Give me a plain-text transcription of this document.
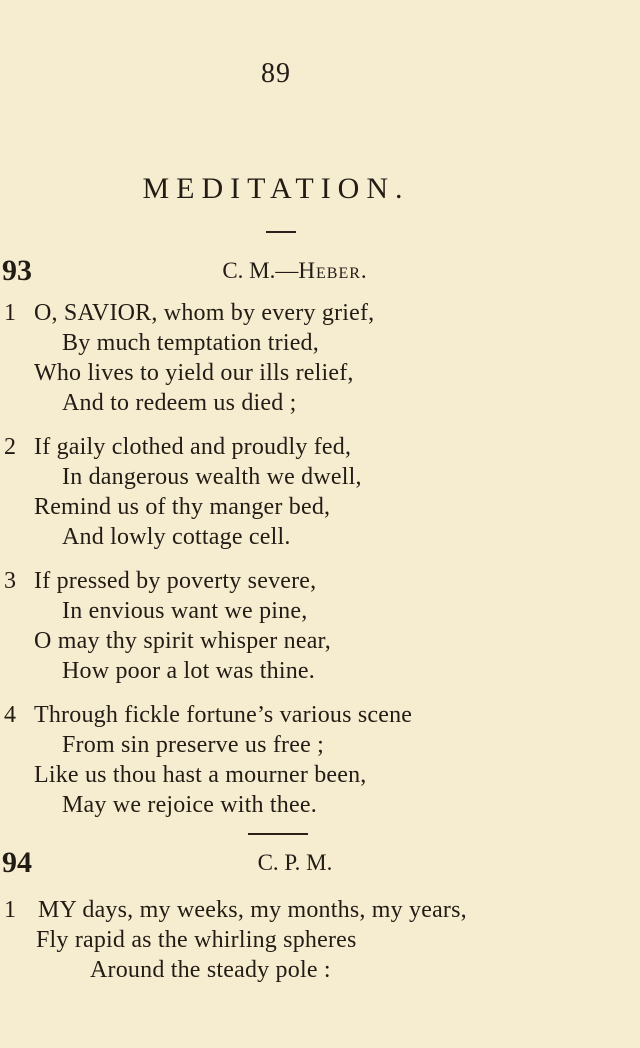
89
MEDITATION.
93	C. M.—Heber.
1 O, SAVIOR, whom by every grief,
By much temptation tried,
Who lives to yield our ills relief,
And to redeem us died ;
2 If gaily clothed and proudly fed,
In dangerous wealth we dwell,
Remind us of thy manger bed,
And lowly cottage cell.
3 If pressed by poverty severe,
In envious want we pine,
O may thy spirit whisper near,
How poor a lot was thine.
4 Through fickle fortune’s various scene
From sin preserve us free ;
Like us thou hast a mourner been,
May we rejoice with thee.
94	C. P. M.
1 MY days, my weeks, my months, my years,
Fly rapid as the whirling spheres
Around the steady pole :
